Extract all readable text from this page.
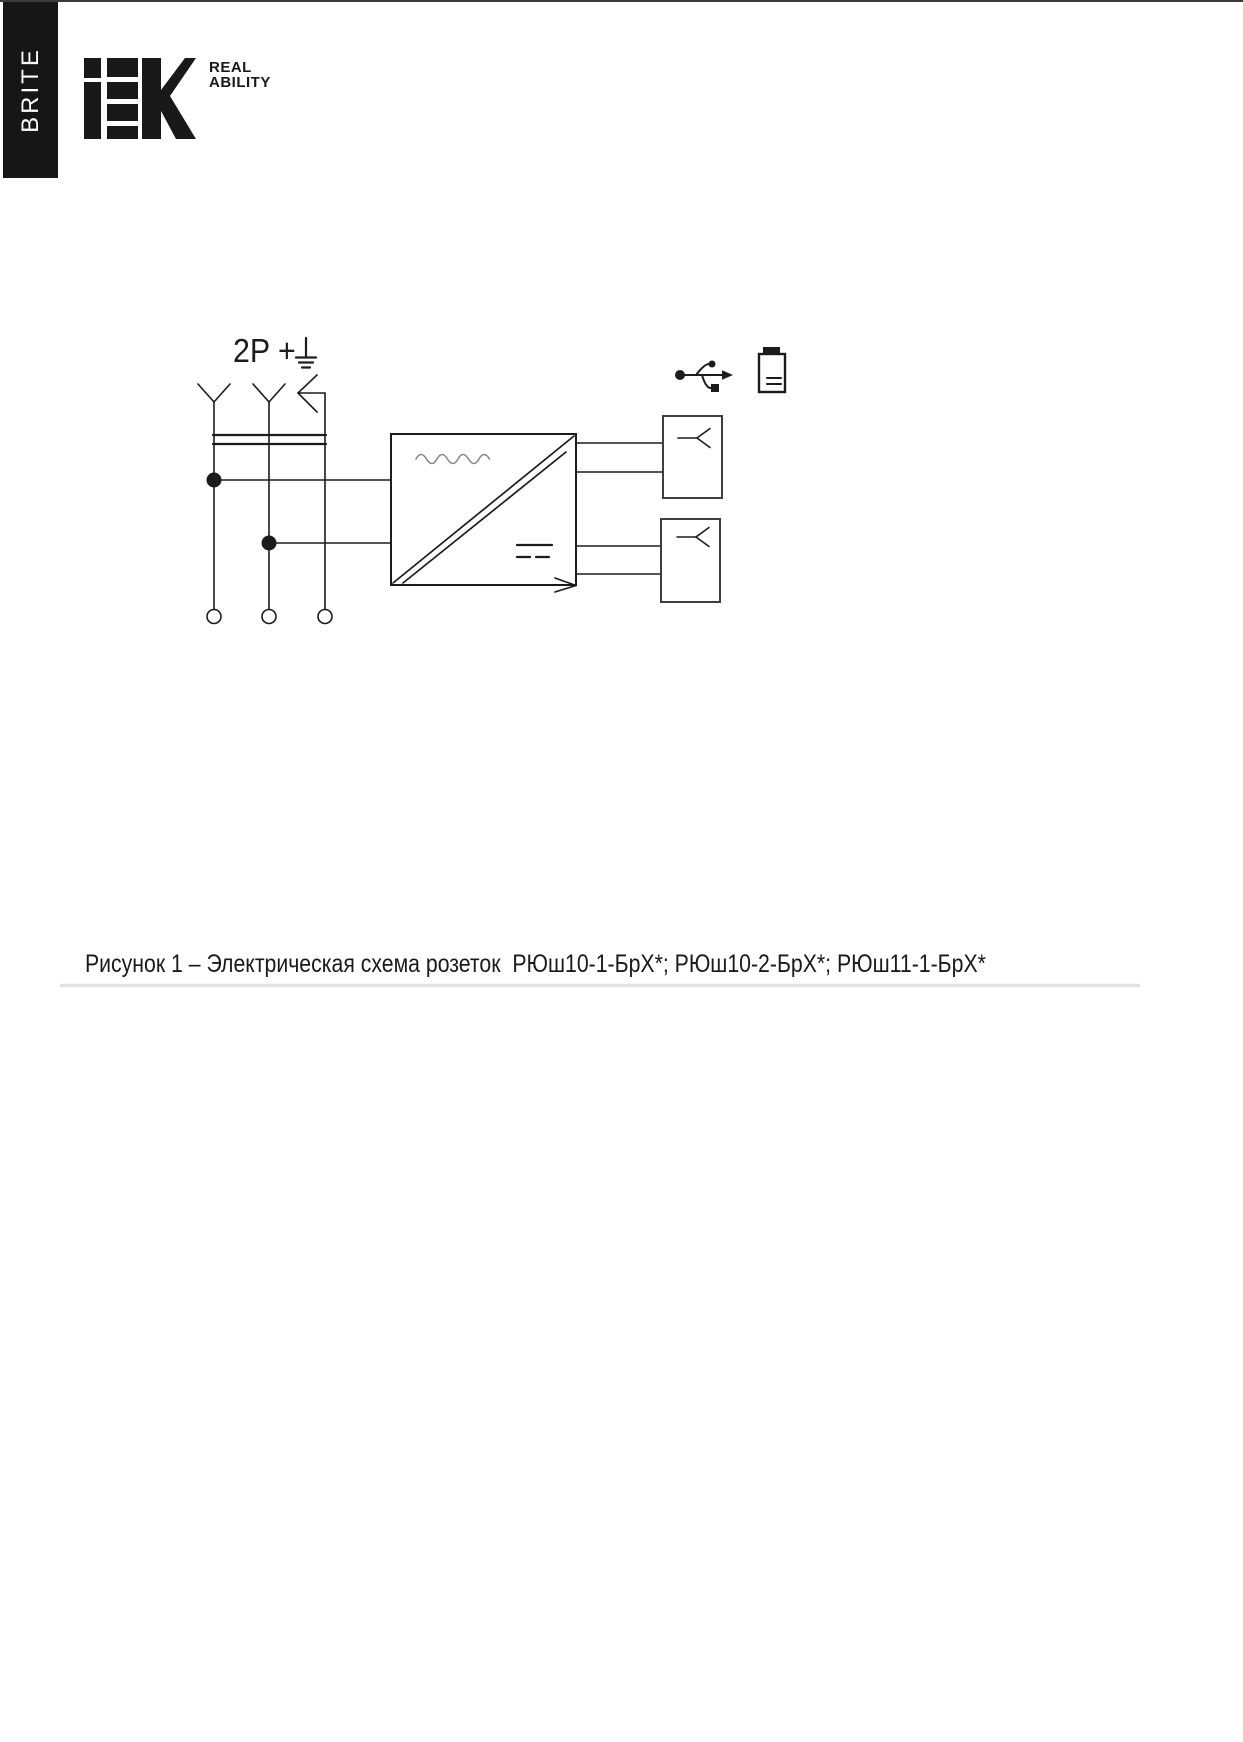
BRITE	REAL
ABILITY
2P +
Рисунок 1 – Электрическая схема розеток  РЮш10-1-БрХ*; РЮш10-2-БрХ*; РЮш11-1-БрХ*
